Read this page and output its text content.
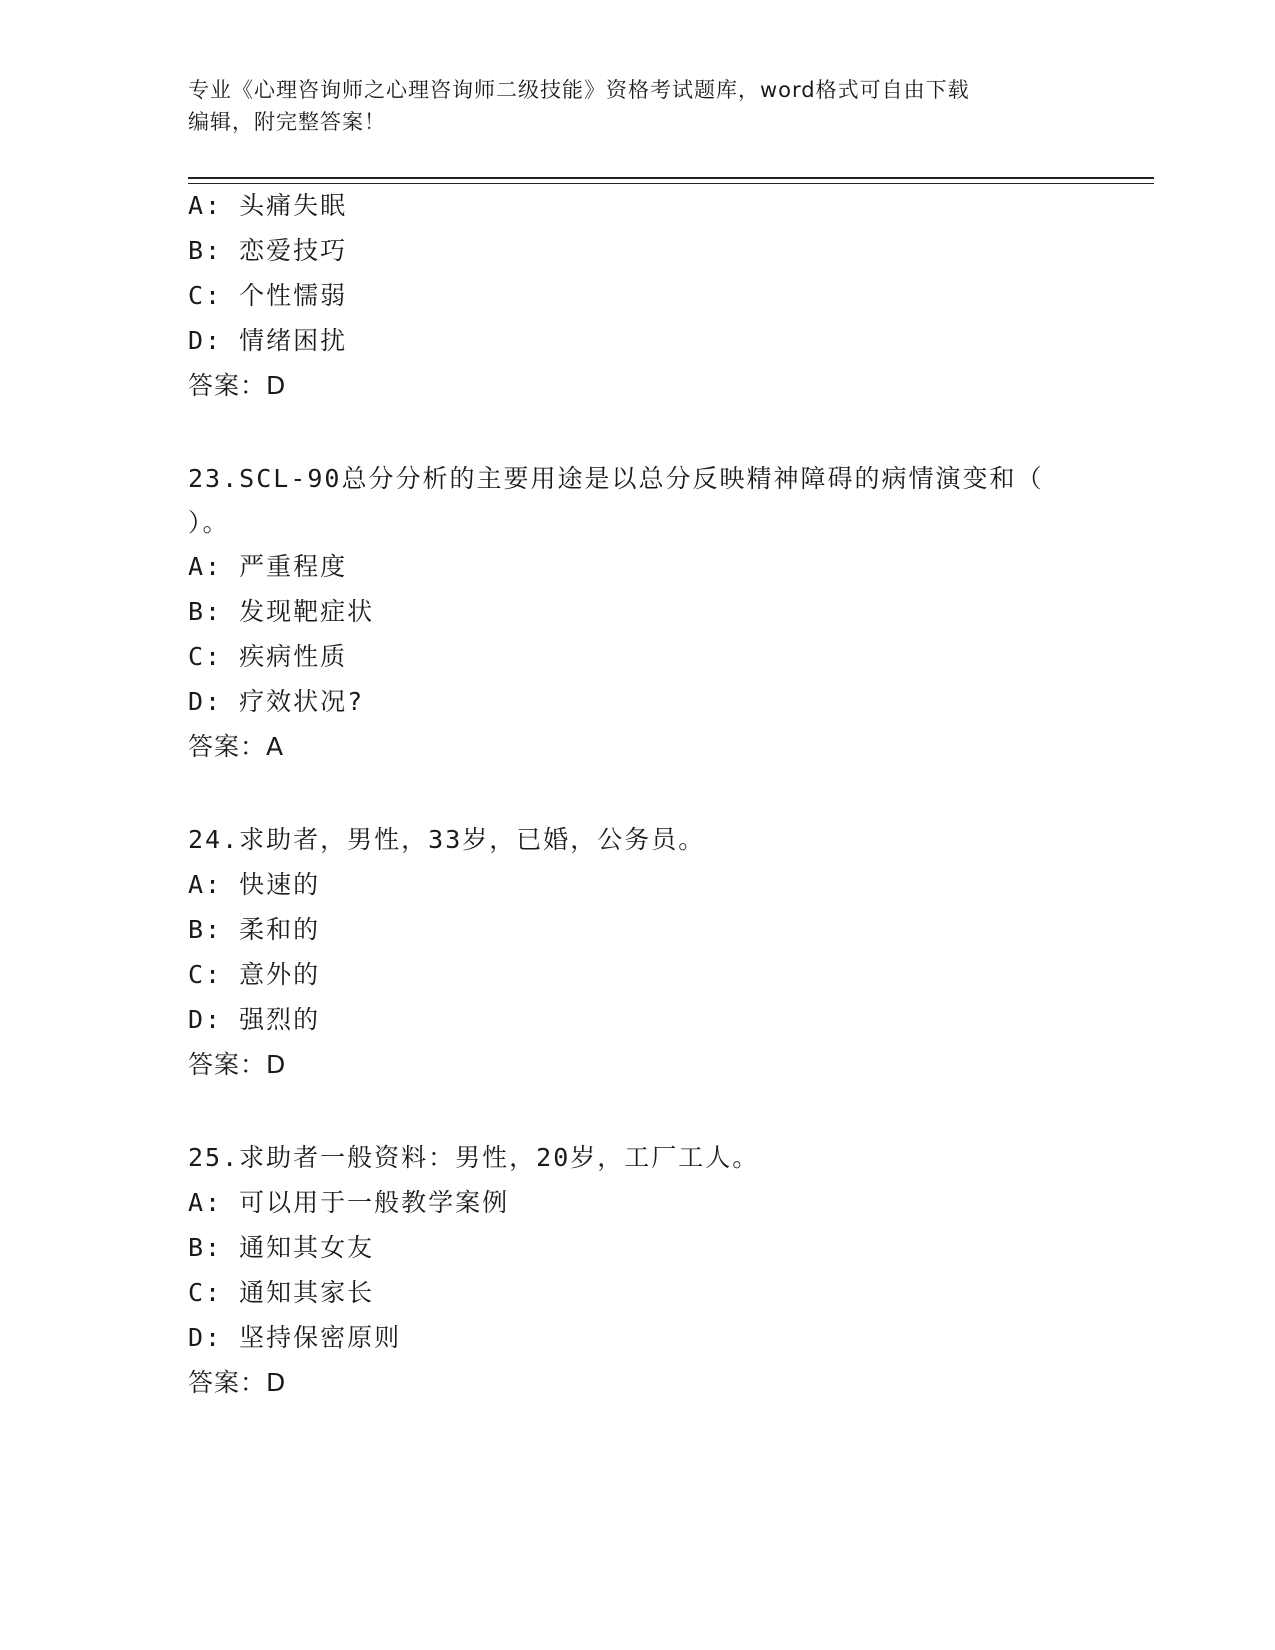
专业《心理咨询师之心理咨询师二级技能》资格考试题库，word格式可自由下载
编辑，附完整答案！
A: 头痛失眠
B: 恋爱技巧
C: 个性懦弱
D: 情绪困扰
答案：D
23.SCL-90总分分析的主要用途是以总分反映精神障碍的病情演变和（
）。
A: 严重程度
B: 发现靶症状
C: 疾病性质
D: 疗效状况?
答案：A
24.求助者，男性，33岁，已婚，公务员。
A: 快速的
B: 柔和的
C: 意外的
D: 强烈的
答案：D
25.求助者一般资料：男性，20岁，工厂工人。
A: 可以用于一般教学案例
B: 通知其女友
C: 通知其家长
D: 坚持保密原则
答案：D
